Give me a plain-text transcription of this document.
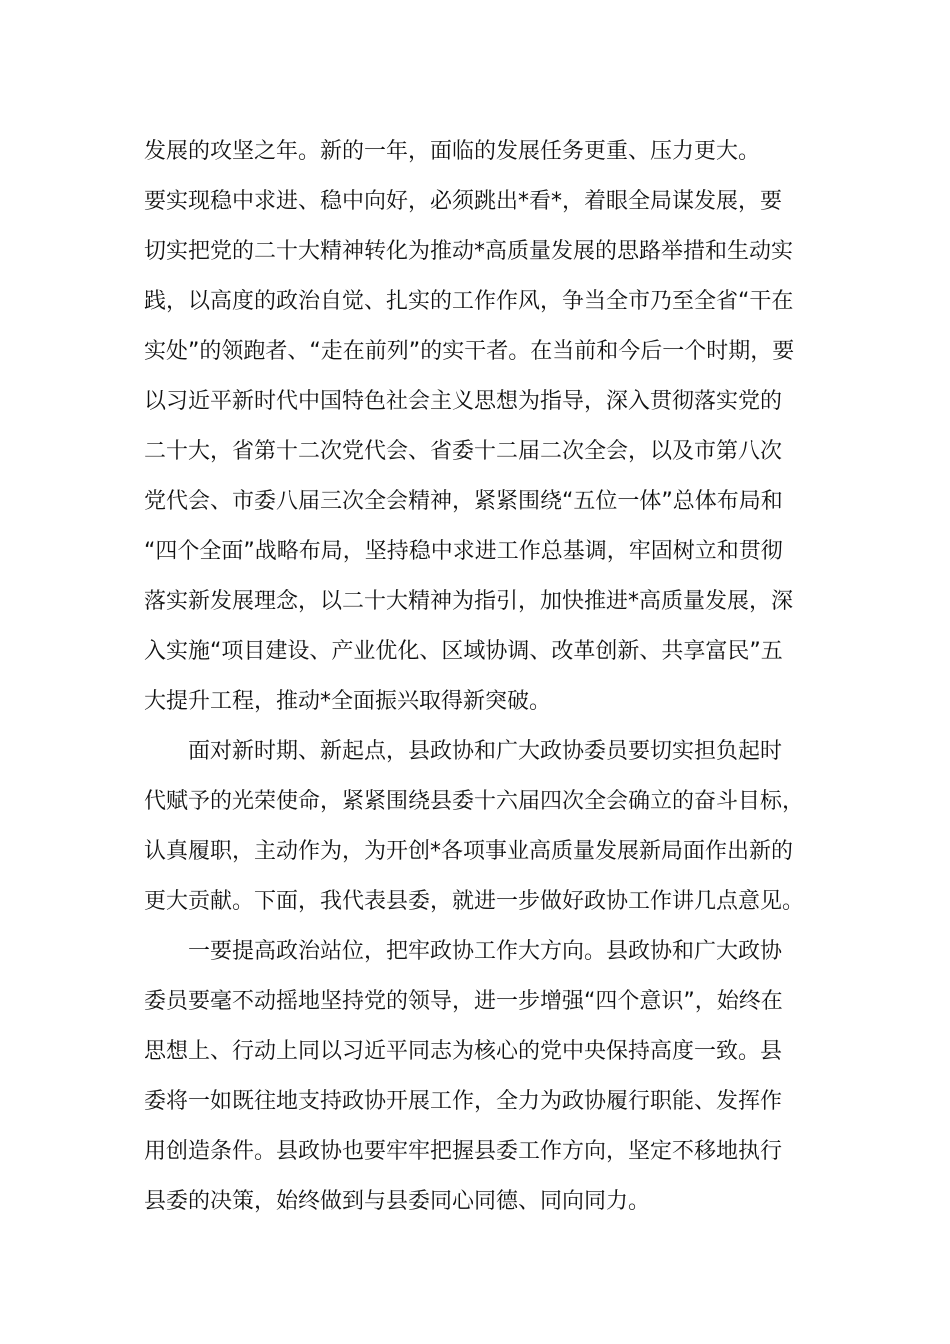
发展的攻坚之年。新的一年，面临的发展任务更重、压力更大。
要实现稳中求进、稳中向好，必须跳出*看*，着眼全局谋发展，要
切实把党的二十大精神转化为推动*高质量发展的思路举措和生动实
践，以高度的政治自觉、扎实的工作作风，争当全市乃至全省“干在
实处”的领跑者、“走在前列”的实干者。在当前和今后一个时期，要
以习近平新时代中国特色社会主义思想为指导，深入贯彻落实党的
二十大，省第十二次党代会、省委十二届二次全会，以及市第八次
党代会、市委八届三次全会精神，紧紧围绕“五位一体”总体布局和
“四个全面”战略布局，坚持稳中求进工作总基调，牢固树立和贯彻
落实新发展理念，以二十大精神为指引，加快推进*高质量发展，深
入实施“项目建设、产业优化、区域协调、改革创新、共享富民”五
大提升工程，推动*全面振兴取得新突破。
面对新时期、新起点，县政协和广大政协委员要切实担负起时
代赋予的光荣使命，紧紧围绕县委十六届四次全会确立的奋斗目标，
认真履职，主动作为，为开创*各项事业高质量发展新局面作出新的
更大贡献。下面，我代表县委，就进一步做好政协工作讲几点意见。
一要提高政治站位，把牢政协工作大方向。县政协和广大政协
委员要毫不动摇地坚持党的领导，进一步增强“四个意识”，始终在
思想上、行动上同以习近平同志为核心的党中央保持高度一致。县
委将一如既往地支持政协开展工作，全力为政协履行职能、发挥作
用创造条件。县政协也要牢牢把握县委工作方向，坚定不移地执行
县委的决策，始终做到与县委同心同德、同向同力。
